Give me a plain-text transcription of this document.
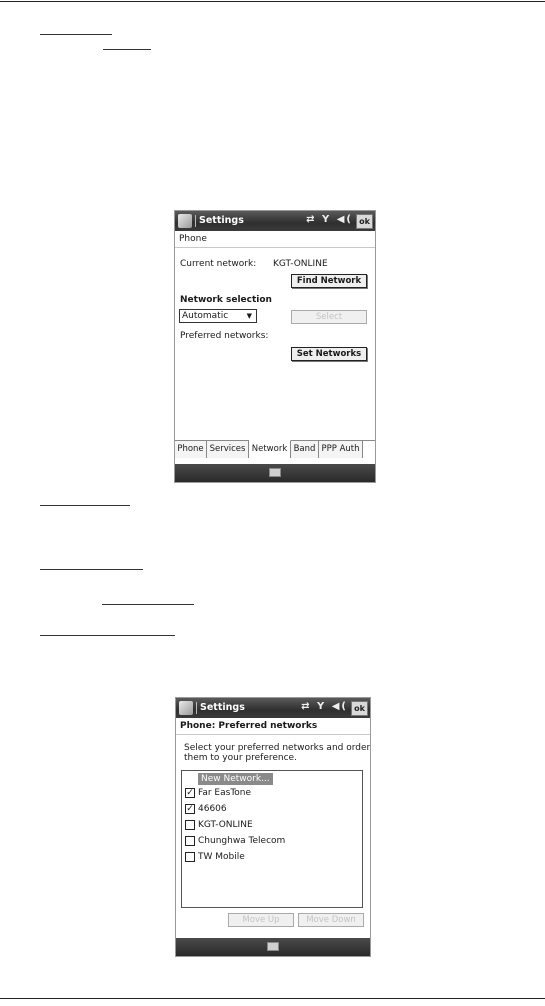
Settings	⇄ Y ◀( ok
Phone
Current network: KGT-ONLINE
Find Network
Network selection
Automatic	▼	Select
Preferred networks:
Set Networks
Phone Services Network Band PPP Auth
Settings	⇄ Y ◀( ok
Phone: Preferred networks
Select your preferred networks and order
them to your preference.
New Network...
✓ Far EasTone
✓ 46606
KGT-ONLINE
Chunghwa Telecom
TW Mobile
Move Up	Move Down
